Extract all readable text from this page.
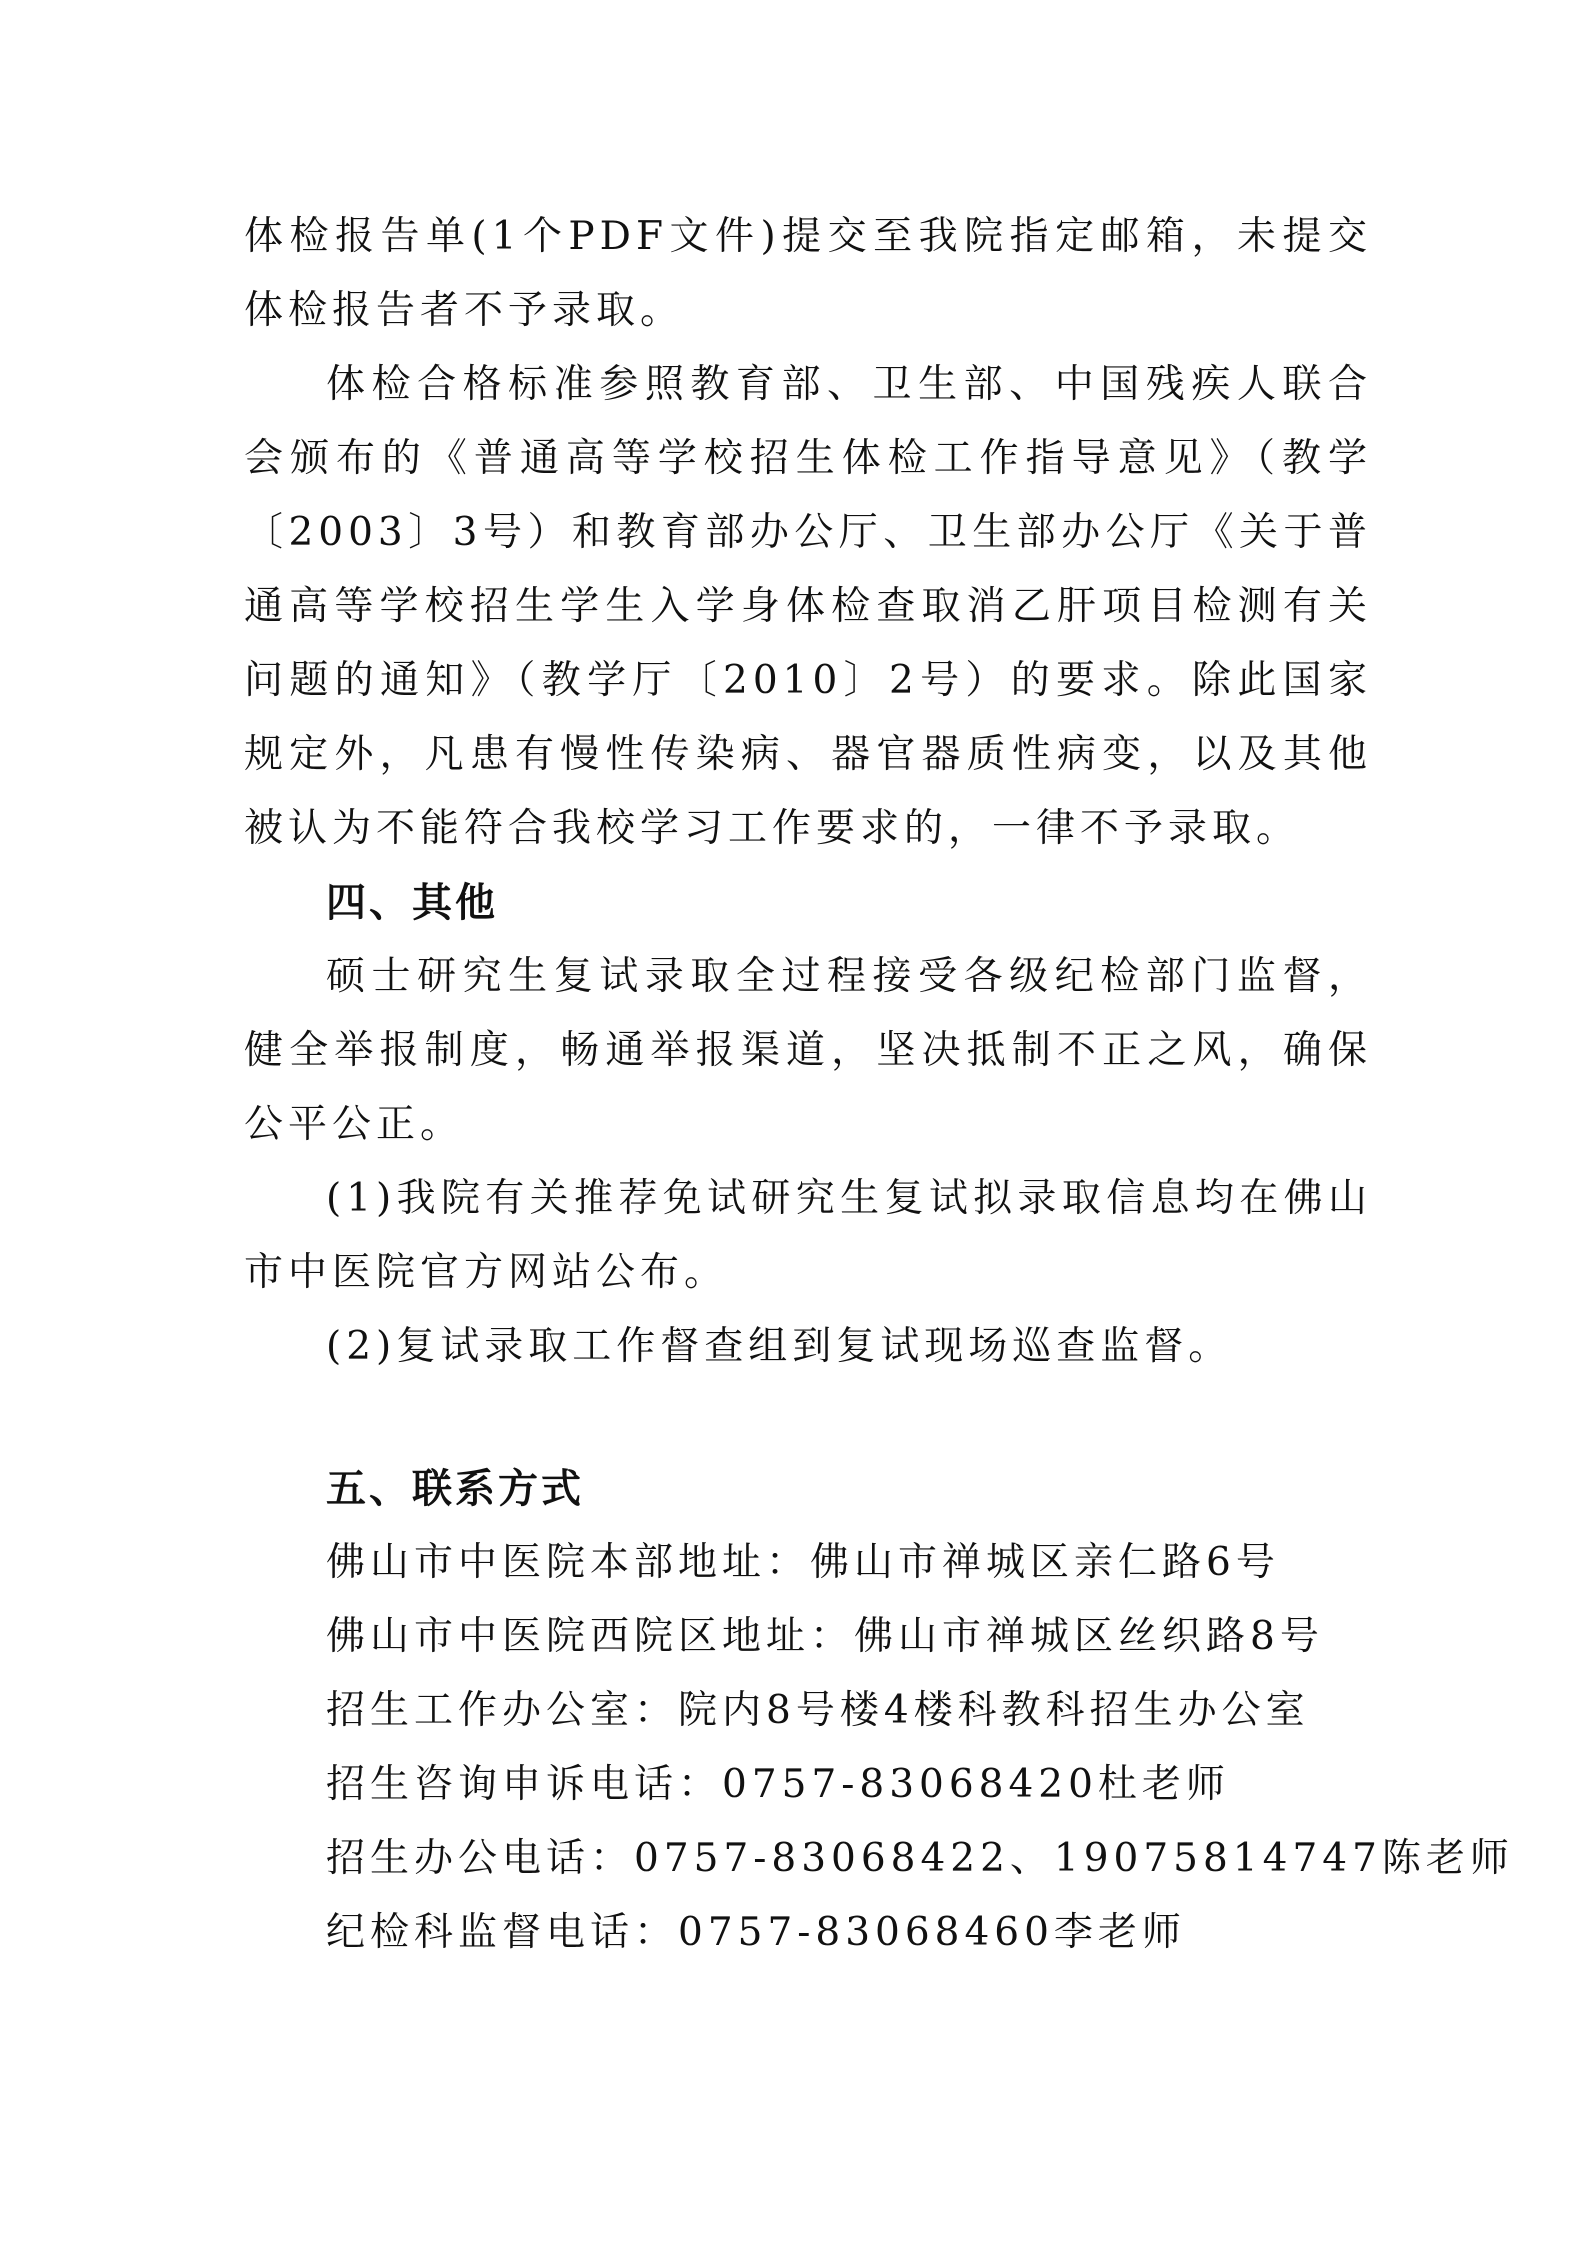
体检报告单(1个PDF文件)提交至我院指定邮箱，未提交体检报告者不予录取。

体检合格标准参照教育部、卫生部、中国残疾人联合会颁布的《普通高等学校招生体检工作指导意见》（教学〔2003〕3号）和教育部办公厅、卫生部办公厅《关于普通高等学校招生学生入学身体检查取消乙肝项目检测有关问题的通知》（教学厅〔2010〕2号）的要求。除此国家规定外，凡患有慢性传染病、器官器质性病变，以及其他被认为不能符合我校学习工作要求的，一律不予录取。

四、其他

硕士研究生复试录取全过程接受各级纪检部门监督，健全举报制度，畅通举报渠道，坚决抵制不正之风，确保公平公正。

(1)我院有关推荐免试研究生复试拟录取信息均在佛山市中医院官方网站公布。

(2)复试录取工作督查组到复试现场巡查监督。

五、联系方式

佛山市中医院本部地址：佛山市禅城区亲仁路6号

佛山市中医院西院区地址：佛山市禅城区丝织路8号

招生工作办公室：院内8号楼4楼科教科招生办公室

招生咨询申诉电话：0757-83068420杜老师

招生办公电话：0757-83068422、19075814747陈老师

纪检科监督电话：0757-83068460李老师
